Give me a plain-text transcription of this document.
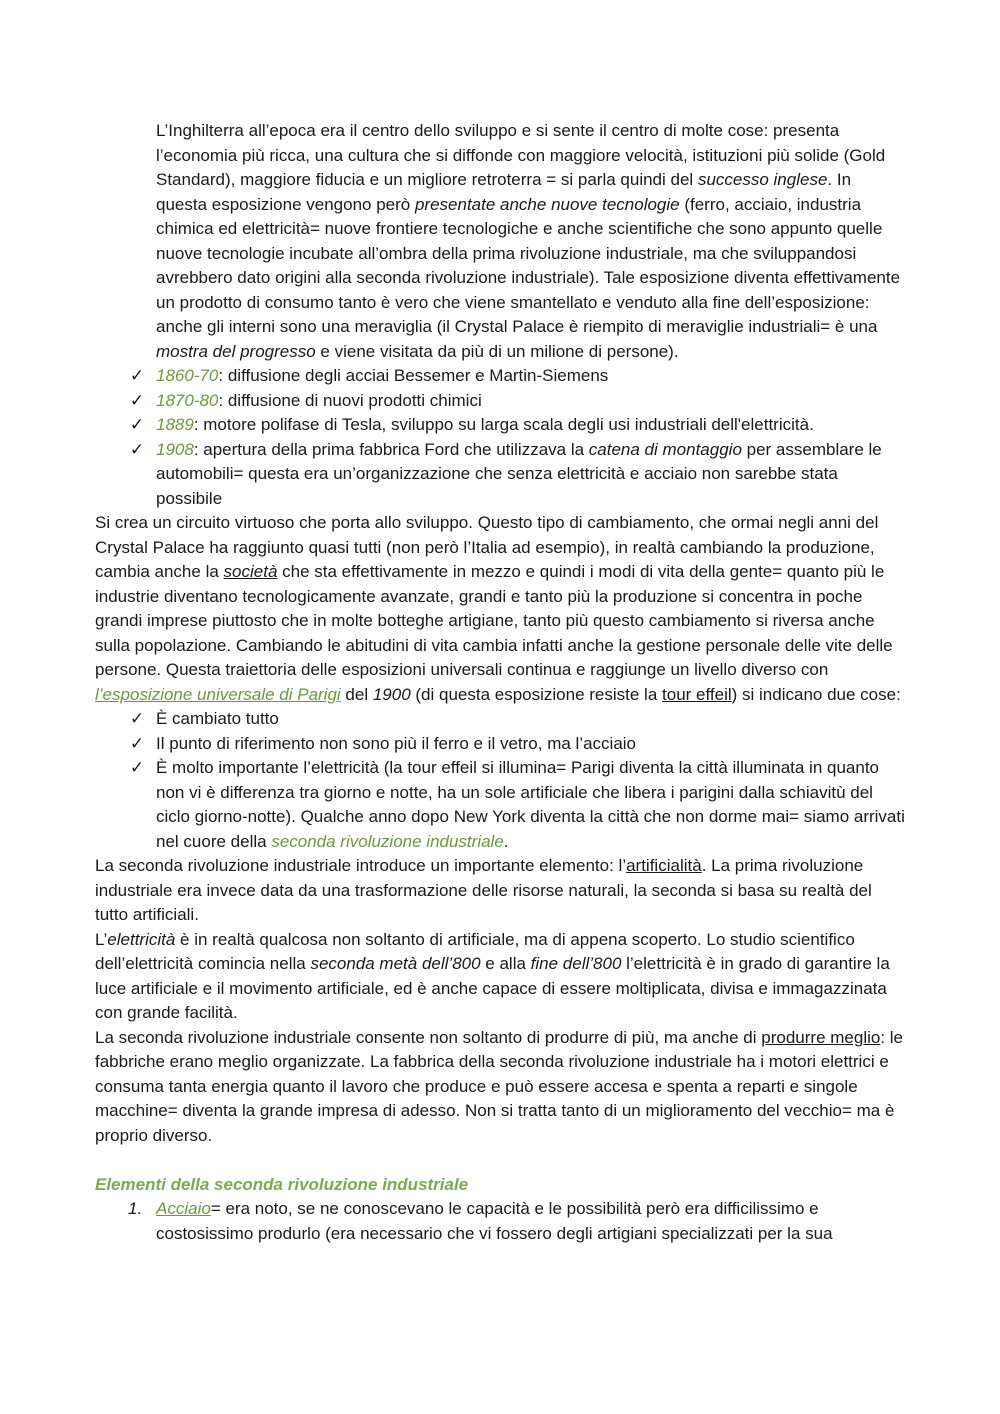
L’Inghilterra all’epoca era il centro dello sviluppo e si sente il centro di molte cose: presenta l’economia più ricca, una cultura che si diffonde con maggiore velocità, istituzioni più solide (Gold Standard), maggiore fiducia e un migliore retroterra = si parla quindi del successo inglese. In questa esposizione vengono però presentate anche nuove tecnologie (ferro, acciaio, industria chimica ed elettricità= nuove frontiere tecnologiche e anche scientifiche che sono appunto quelle nuove tecnologie incubate all’ombra della prima rivoluzione industriale, ma che sviluppandosi avrebbero dato origini alla seconda rivoluzione industriale). Tale esposizione diventa effettivamente un prodotto di consumo tanto è vero che viene smantellato e venduto alla fine dell’esposizione: anche gli interni sono una meraviglia (il Crystal Palace è riempito di meraviglie industriali= è una mostra del progresso e viene visitata da più di un milione di persone).

✓ 1860-70: diffusione degli acciai Bessemer e Martin-Siemens
✓ 1870-80: diffusione di nuovi prodotti chimici
✓ 1889: motore polifase di Tesla, sviluppo su larga scala degli usi industriali dell'elettricità.
✓ 1908: apertura della prima fabbrica Ford che utilizzava la catena di montaggio per assemblare le automobili= questa era un’organizzazione che senza elettricità e acciaio non sarebbe stata possibile

Si crea un circuito virtuoso che porta allo sviluppo. Questo tipo di cambiamento, che ormai negli anni del Crystal Palace ha raggiunto quasi tutti (non però l’Italia ad esempio), in realtà cambiando la produzione, cambia anche la società che sta effettivamente in mezzo e quindi i modi di vita della gente= quanto più le industrie diventano tecnologicamente avanzate, grandi e tanto più la produzione si concentra in poche grandi imprese piuttosto che in molte botteghe artigiane, tanto più questo cambiamento si riversa anche sulla popolazione. Cambiando le abitudini di vita cambia infatti anche la gestione personale delle vite delle persone. Questa traiettoria delle esposizioni universali continua e raggiunge un livello diverso con l’esposizione universale di Parigi del 1900 (di questa esposizione resiste la tour effeil) si indicano due cose:

✓ È cambiato tutto
✓ Il punto di riferimento non sono più il ferro e il vetro, ma l’acciaio
✓ È molto importante l’elettricità (la tour effeil si illumina= Parigi diventa la città illuminata in quanto non vi è differenza tra giorno e notte, ha un sole artificiale che libera i parigini dalla schiavitù del ciclo giorno-notte). Qualche anno dopo New York diventa la città che non dorme mai= siamo arrivati nel cuore della seconda rivoluzione industriale.

La seconda rivoluzione industriale introduce un importante elemento: l’artificialità. La prima rivoluzione industriale era invece data da una trasformazione delle risorse naturali, la seconda si basa su realtà del tutto artificiali.

L’elettricità è in realtà qualcosa non soltanto di artificiale, ma di appena scoperto. Lo studio scientifico dell’elettricità comincia nella seconda metà dell’800 e alla fine dell’800 l’elettricità è in grado di garantire la luce artificiale e il movimento artificiale, ed è anche capace di essere moltiplicata, divisa e immagazzinata con grande facilità.

La seconda rivoluzione industriale consente non soltanto di produrre di più, ma anche di produrre meglio: le fabbriche erano meglio organizzate. La fabbrica della seconda rivoluzione industriale ha i motori elettrici e consuma tanta energia quanto il lavoro che produce e può essere accesa e spenta a reparti e singole macchine= diventa la grande impresa di adesso. Non si tratta tanto di un miglioramento del vecchio= ma è proprio diverso.

Elementi della seconda rivoluzione industriale

1. Acciaio= era noto, se ne conoscevano le capacità e le possibilità però era difficilissimo e costosissimo produrlo (era necessario che vi fossero degli artigiani specializzati per la sua
